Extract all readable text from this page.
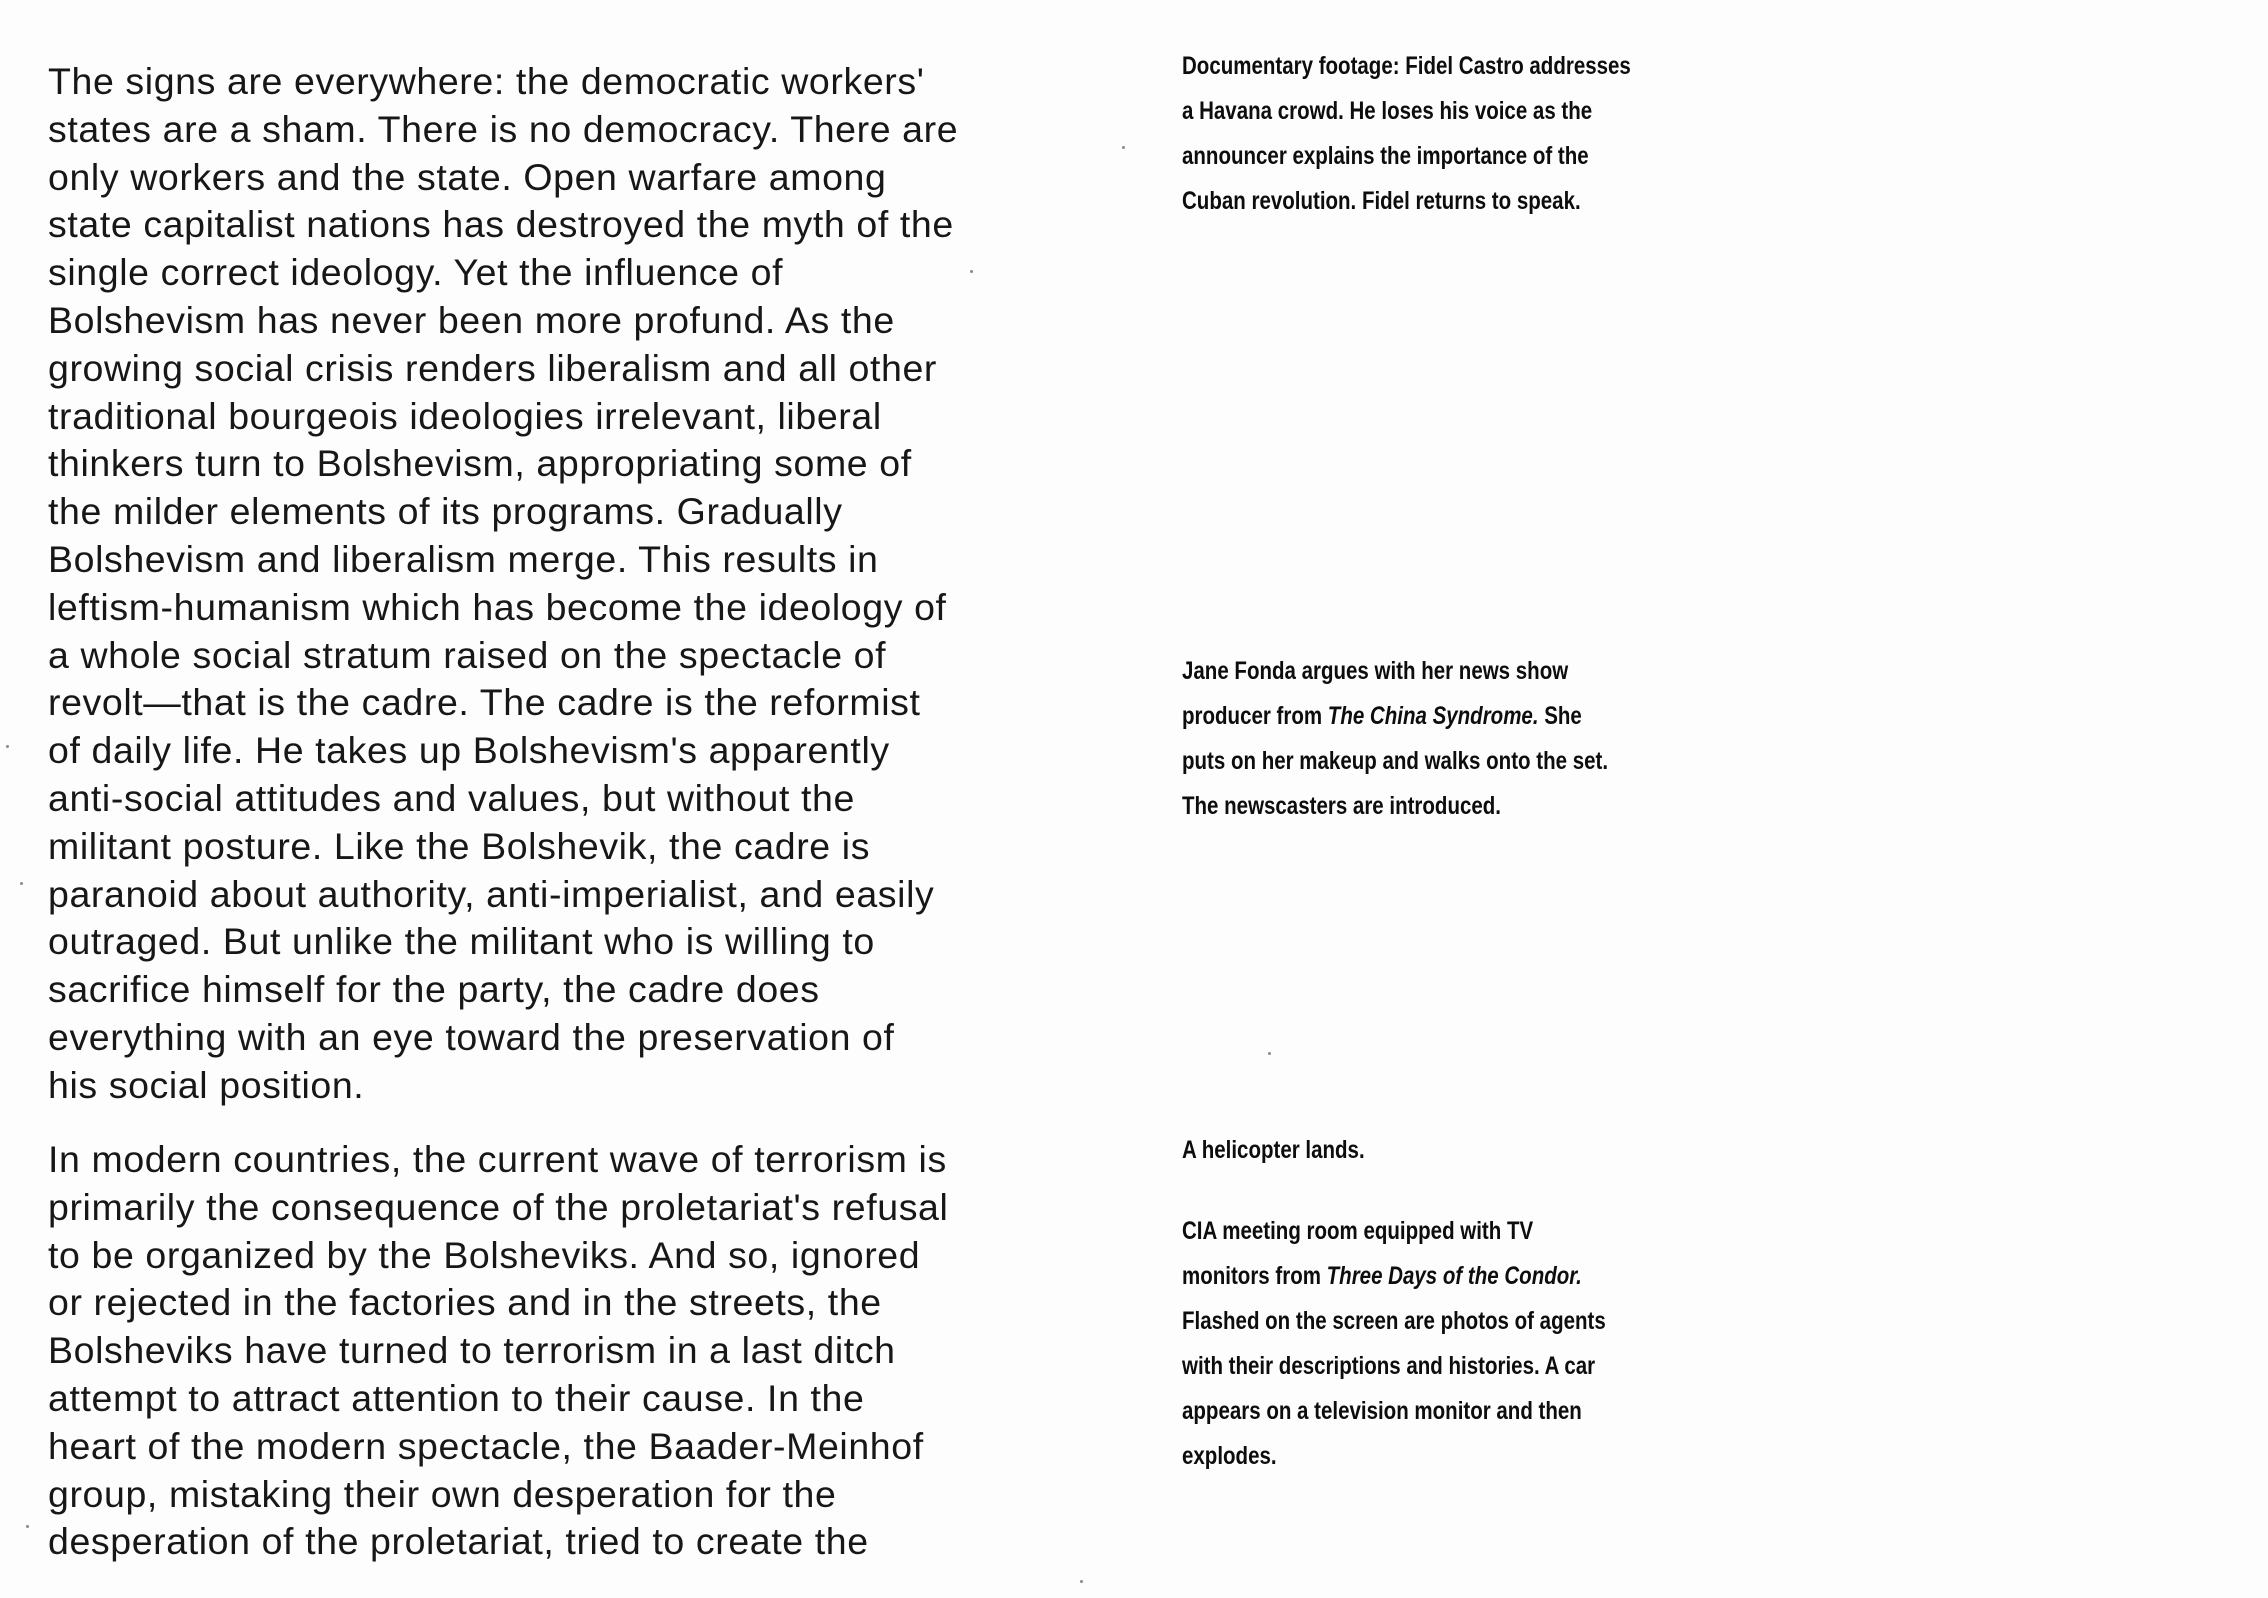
The signs are everywhere: the democratic workers'
states are a sham. There is no democracy. There are
only workers and the state. Open warfare among
state capitalist nations has destroyed the myth of the
single correct ideology. Yet the influence of
Bolshevism has never been more profund. As the
growing social crisis renders liberalism and all other
traditional bourgeois ideologies irrelevant, liberal
thinkers turn to Bolshevism, appropriating some of
the milder elements of its programs. Gradually
Bolshevism and liberalism merge. This results in
leftism-humanism which has become the ideology of
a whole social stratum raised on the spectacle of
revolt—that is the cadre. The cadre is the reformist
of daily life. He takes up Bolshevism's apparently
anti-social attitudes and values, but without the
militant posture. Like the Bolshevik, the cadre is
paranoid about authority, anti-imperialist, and easily
outraged. But unlike the militant who is willing to
sacrifice himself for the party, the cadre does
everything with an eye toward the preservation of
his social position.
In modern countries, the current wave of terrorism is
primarily the consequence of the proletariat's refusal
to be organized by the Bolsheviks. And so, ignored
or rejected in the factories and in the streets, the
Bolsheviks have turned to terrorism in a last ditch
attempt to attract attention to their cause. In the
heart of the modern spectacle, the Baader-Meinhof
group, mistaking their own desperation for the
desperation of the proletariat, tried to create the
Documentary footage: Fidel Castro addresses
a Havana crowd. He loses his voice as the
announcer explains the importance of the
Cuban revolution. Fidel returns to speak.
Jane Fonda argues with her news show
producer from The China Syndrome. She
puts on her makeup and walks onto the set.
The newscasters are introduced.
A helicopter lands.
CIA meeting room equipped with TV
monitors from Three Days of the Condor.
Flashed on the screen are photos of agents
with their descriptions and histories. A car
appears on a television monitor and then
explodes.
